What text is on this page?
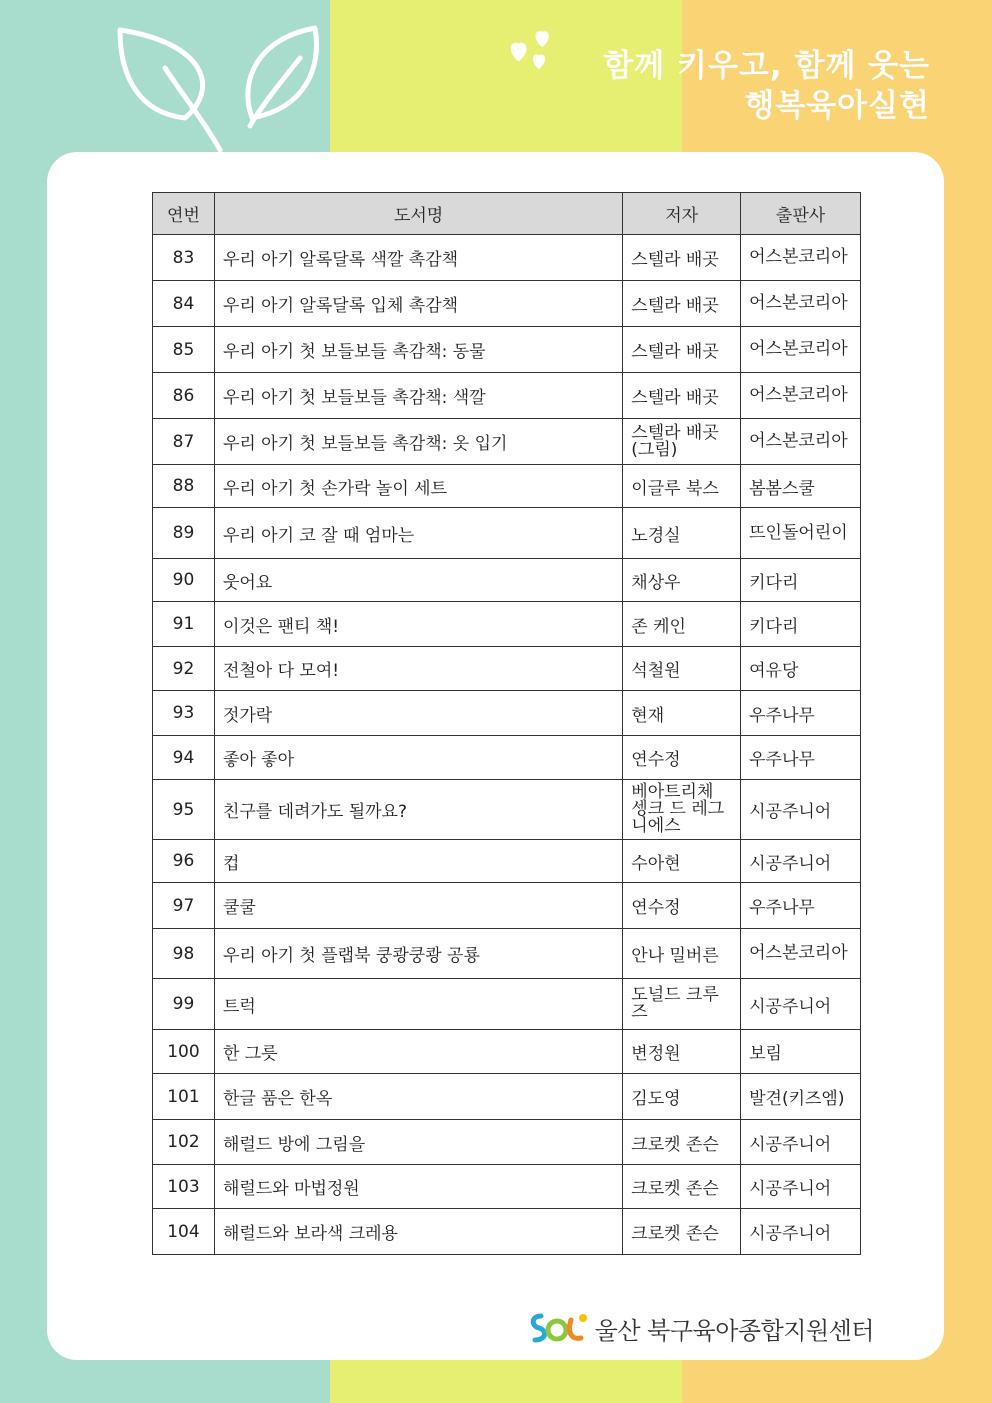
함께 키우고, 함께 웃는
행복육아실현
연번	도서명	저자	출판사
83	우리 아기 알록달록 색깔 촉감책	스텔라 배곳	어스본코리아
84	우리 아기 알록달록 입체 촉감책	스텔라 배곳	어스본코리아
85	우리 아기 첫 보들보들 촉감책: 동물	스텔라 배곳	어스본코리아
86	우리 아기 첫 보들보들 촉감책: 색깔	스텔라 배곳	어스본코리아
87	우리 아기 첫 보들보들 촉감책: 옷 입기	스텔라 배곳 (그림)	어스본코리아
88	우리 아기 첫 손가락 놀이 세트	이글루 북스	봄봄스쿨
89	우리 아기 코 잘 때 엄마는	노경실	뜨인돌어린이
90	웃어요	채상우	키다리
91	이것은 팬티 책!	존 케인	키다리
92	전철아 다 모여!	석철원	여유당
93	젓가락	현재	우주나무
94	좋아 좋아	연수정	우주나무
95	친구를 데려가도 될까요?	베아트리체 셍크 드 레그니에스	시공주니어
96	컵	수아현	시공주니어
97	쿨쿨	연수정	우주나무
98	우리 아기 첫 플랩북 쿵쾅쿵쾅 공룡	안나 밀버른	어스본코리아
99	트럭	도널드 크루즈	시공주니어
100	한 그릇	변정원	보림
101	한글 품은 한옥	김도영	발견(키즈엠)
102	해럴드 방에 그림을	크로켓 존슨	시공주니어
103	해럴드와 마법정원	크로켓 존슨	시공주니어
104	해럴드와 보라색 크레용	크로켓 존슨	시공주니어
울산 북구육아종합지원센터
